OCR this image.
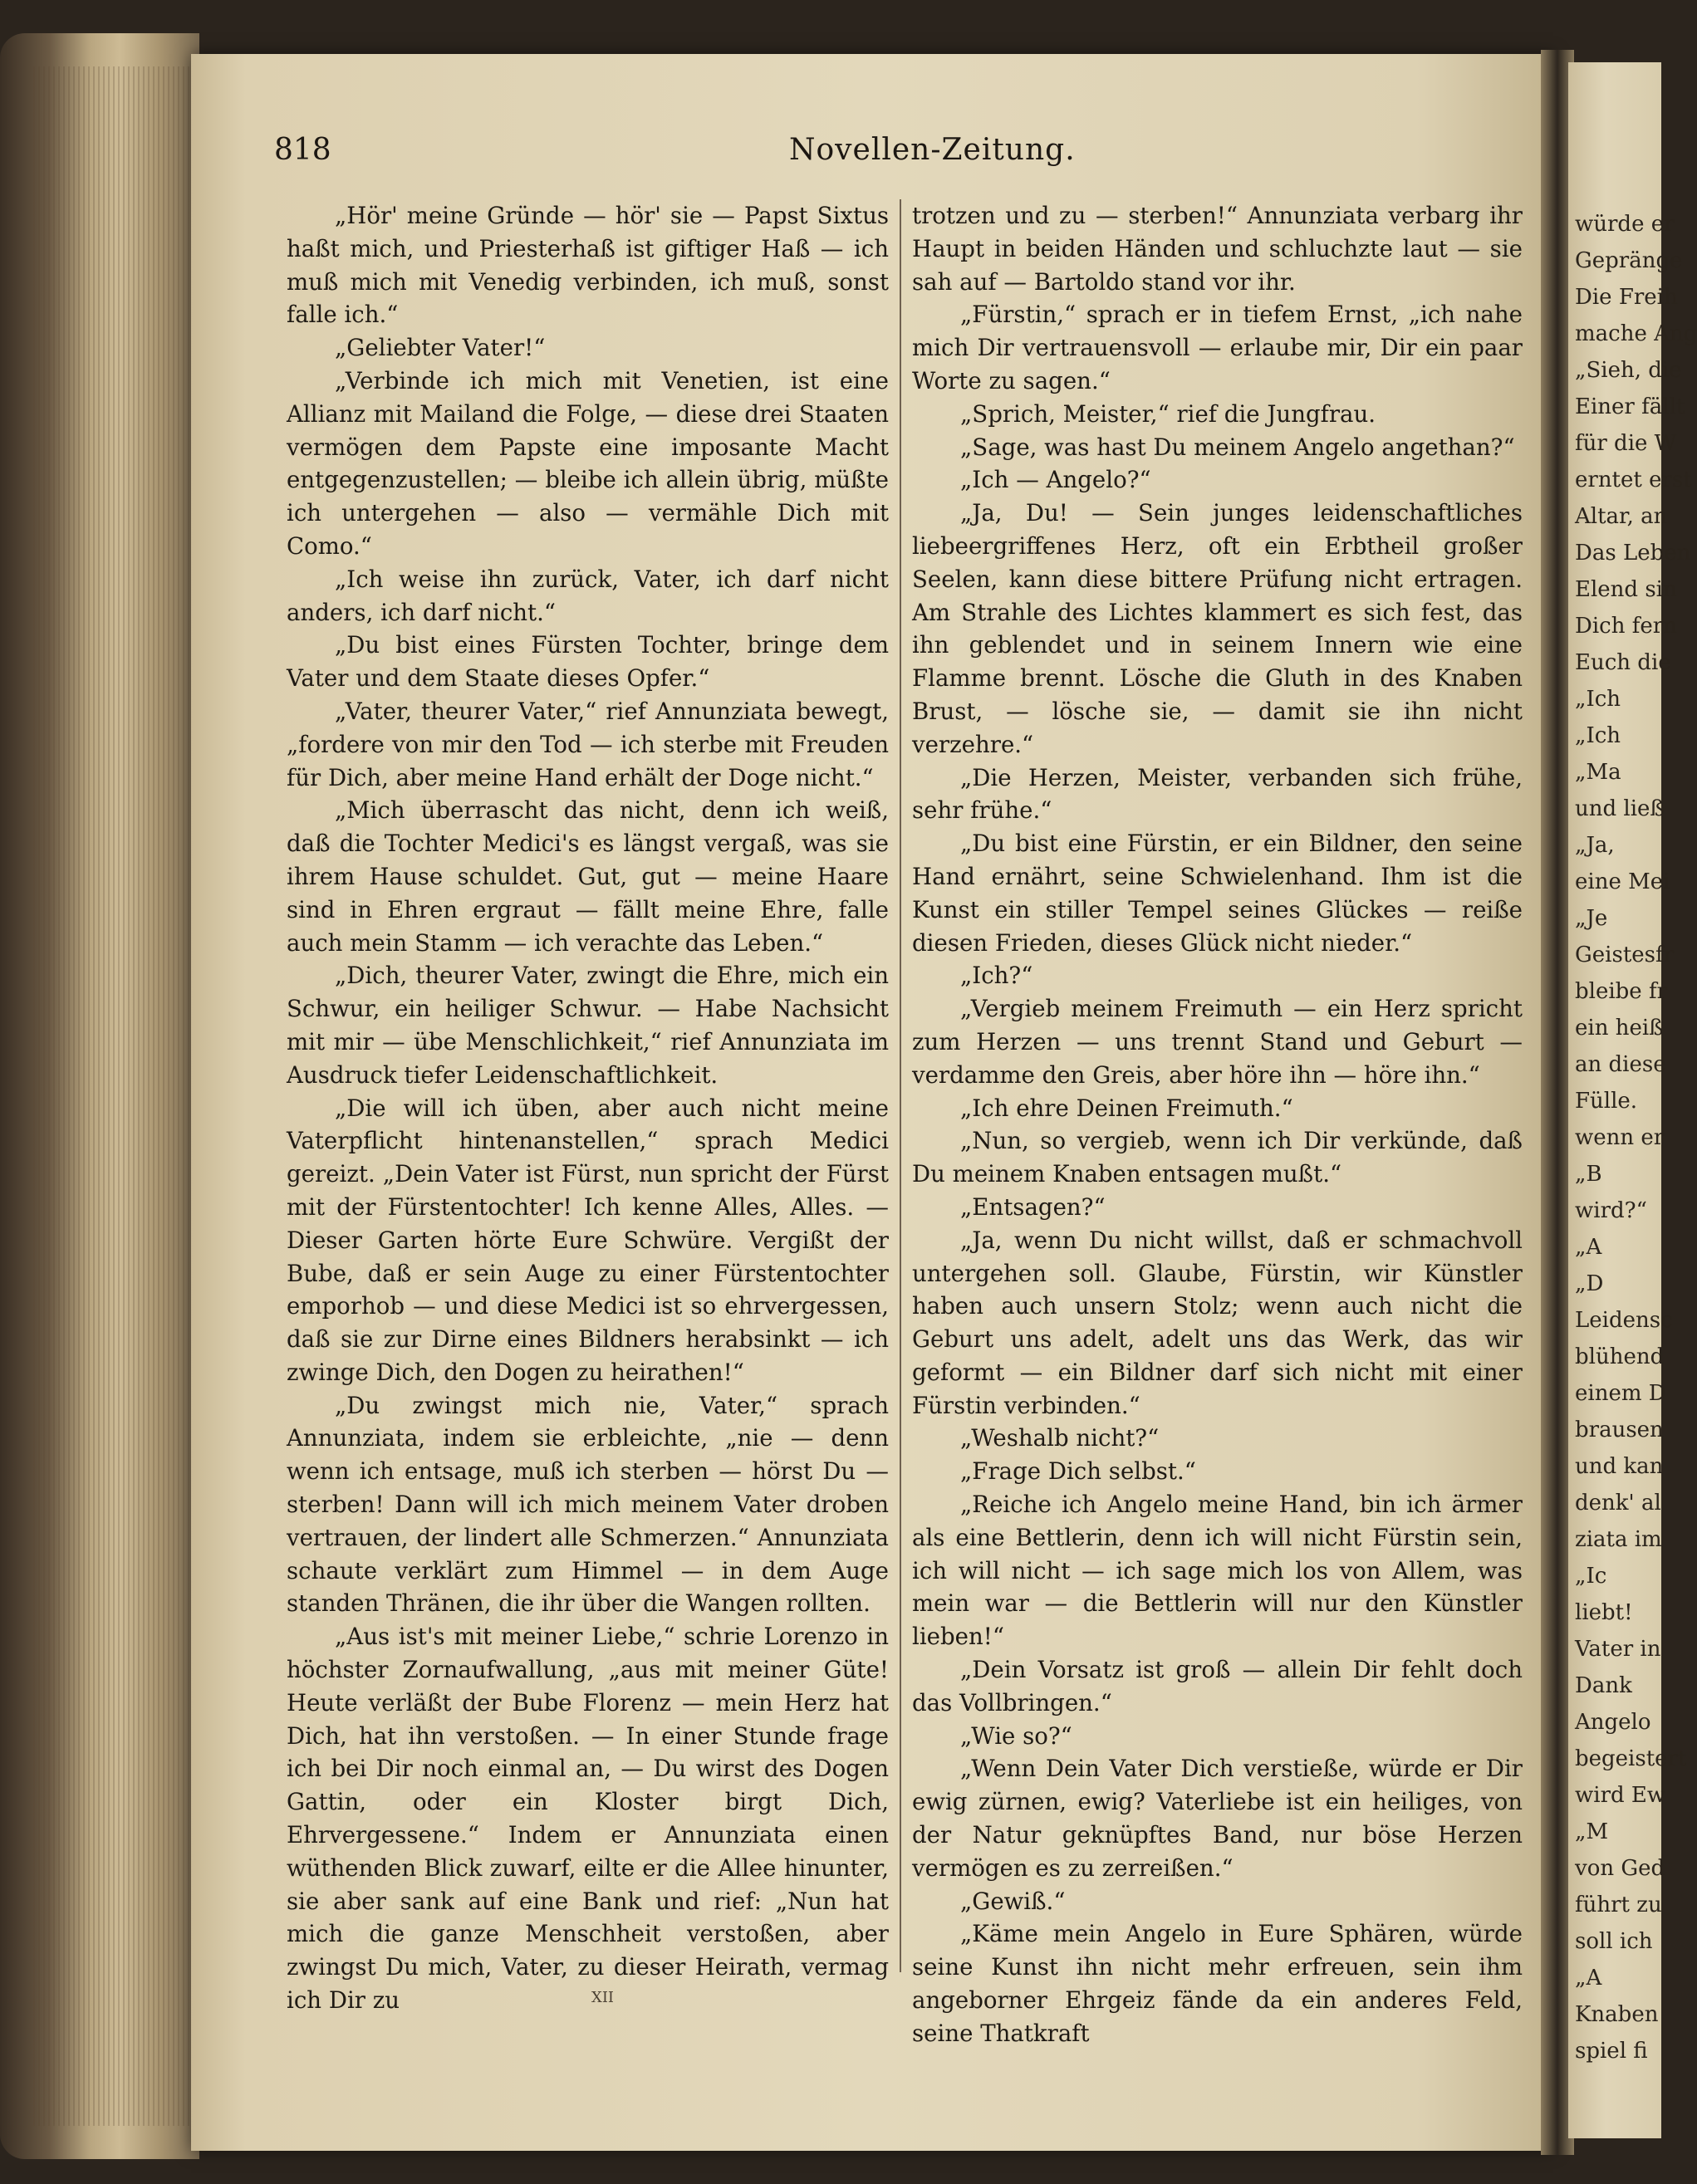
würde er
Gepränge
Die Freih
mache Ang
„Sieh, die
Einer fällt
für die W
erntet erst
Altar, an
Das Leben
Elend sin
Dich fern
Euch die
„Ich
„Ich
„Ma
und ließ
„Ja,
eine Mei
„Je
Geistesfr
bleibe fr
ein heiß
an diese
Fülle.
wenn er
„B
wird?“
„A
„D
Leidensc
blühend
einem D
brausen
und kan
denk' al
ziata im
„Ic
liebt!
Vater in
Dank
Angelo
begeistert
wird Ew
„M
von Ged
führt zu
soll ich
„A
Knaben
spiel fi
818	Novellen-Zeitung.

„Hör' meine Gründe — hör' sie — Papst Sixtus haßt mich, und Priesterhaß ist giftiger Haß — ich muß mich mit Venedig verbinden, ich muß, sonst falle ich.“

„Geliebter Vater!“

„Verbinde ich mich mit Venetien, ist eine Allianz mit Mailand die Folge, — diese drei Staaten vermögen dem Papste eine imposante Macht entgegenzustellen; — bleibe ich allein übrig, müßte ich untergehen — also — vermähle Dich mit Como.“

„Ich weise ihn zurück, Vater, ich darf nicht anders, ich darf nicht.“

„Du bist eines Fürsten Tochter, bringe dem Vater und dem Staate dieses Opfer.“

„Vater, theurer Vater,“ rief Annunziata bewegt, „fordere von mir den Tod — ich sterbe mit Freuden für Dich, aber meine Hand erhält der Doge nicht.“

„Mich überrascht das nicht, denn ich weiß, daß die Tochter Medici's es längst vergaß, was sie ihrem Hause schuldet. Gut, gut — meine Haare sind in Ehren ergraut — fällt meine Ehre, falle auch mein Stamm — ich verachte das Leben.“

„Dich, theurer Vater, zwingt die Ehre, mich ein Schwur, ein heiliger Schwur. — Habe Nachsicht mit mir — übe Menschlichkeit,“ rief Annunziata im Ausdruck tiefer Leidenschaftlichkeit.

„Die will ich üben, aber auch nicht meine Vaterpflicht hintenanstellen,“ sprach Medici gereizt. „Dein Vater ist Fürst, nun spricht der Fürst mit der Fürstentochter! Ich kenne Alles, Alles. — Dieser Garten hörte Eure Schwüre. Vergißt der Bube, daß er sein Auge zu einer Fürstentochter emporhob — und diese Medici ist so ehrvergessen, daß sie zur Dirne eines Bildners herabsinkt — ich zwinge Dich, den Dogen zu heirathen!“

„Du zwingst mich nie, Vater,“ sprach Annunziata, indem sie erbleichte, „nie — denn wenn ich entsage, muß ich sterben — hörst Du — sterben! Dann will ich mich meinem Vater droben vertrauen, der lindert alle Schmerzen.“ Annunziata schaute verklärt zum Himmel — in dem Auge standen Thränen, die ihr über die Wangen rollten.

„Aus ist's mit meiner Liebe,“ schrie Lorenzo in höchster Zornaufwallung, „aus mit meiner Güte! Heute verläßt der Bube Florenz — mein Herz hat Dich, hat ihn verstoßen. — In einer Stunde frage ich bei Dir noch einmal an, — Du wirst des Dogen Gattin, oder ein Kloster birgt Dich, Ehrvergessene.“ Indem er Annunziata einen wüthenden Blick zuwarf, eilte er die Allee hinunter, sie aber sank auf eine Bank und rief: „Nun hat mich die ganze Menschheit verstoßen, aber zwingst Du mich, Vater, zu dieser Heirath, vermag ich Dir zu

trotzen und zu — sterben!“ Annunziata verbarg ihr Haupt in beiden Händen und schluchzte laut — sie sah auf — Bartoldo stand vor ihr.

„Fürstin,“ sprach er in tiefem Ernst, „ich nahe mich Dir vertrauensvoll — erlaube mir, Dir ein paar Worte zu sagen.“

„Sprich, Meister,“ rief die Jungfrau.

„Sage, was hast Du meinem Angelo angethan?“

„Ich — Angelo?“

„Ja, Du! — Sein junges leidenschaftliches liebeergriffenes Herz, oft ein Erbtheil großer Seelen, kann diese bittere Prüfung nicht ertragen. Am Strahle des Lichtes klammert es sich fest, das ihn geblendet und in seinem Innern wie eine Flamme brennt. Lösche die Gluth in des Knaben Brust, — lösche sie, — damit sie ihn nicht verzehre.“

„Die Herzen, Meister, verbanden sich frühe, sehr frühe.“

„Du bist eine Fürstin, er ein Bildner, den seine Hand ernährt, seine Schwielenhand. Ihm ist die Kunst ein stiller Tempel seines Glückes — reiße diesen Frieden, dieses Glück nicht nieder.“

„Ich?“

„Vergieb meinem Freimuth — ein Herz spricht zum Herzen — uns trennt Stand und Geburt — verdamme den Greis, aber höre ihn — höre ihn.“

„Ich ehre Deinen Freimuth.“

„Nun, so vergieb, wenn ich Dir verkünde, daß Du meinem Knaben entsagen mußt.“

„Entsagen?“

„Ja, wenn Du nicht willst, daß er schmachvoll untergehen soll. Glaube, Fürstin, wir Künstler haben auch unsern Stolz; wenn auch nicht die Geburt uns adelt, adelt uns das Werk, das wir geformt — ein Bildner darf sich nicht mit einer Fürstin verbinden.“

„Weshalb nicht?“

„Frage Dich selbst.“

„Reiche ich Angelo meine Hand, bin ich ärmer als eine Bettlerin, denn ich will nicht Fürstin sein, ich will nicht — ich sage mich los von Allem, was mein war — die Bettlerin will nur den Künstler lieben!“

„Dein Vorsatz ist groß — allein Dir fehlt doch das Vollbringen.“

„Wie so?“

„Wenn Dein Vater Dich verstieße, würde er Dir ewig zürnen, ewig? Vaterliebe ist ein heiliges, von der Natur geknüpftes Band, nur böse Herzen vermögen es zu zerreißen.“

„Gewiß.“

„Käme mein Angelo in Eure Sphären, würde seine Kunst ihn nicht mehr erfreuen, sein ihm angeborner Ehrgeiz fände da ein anderes Feld, seine Thatkraft

XII
